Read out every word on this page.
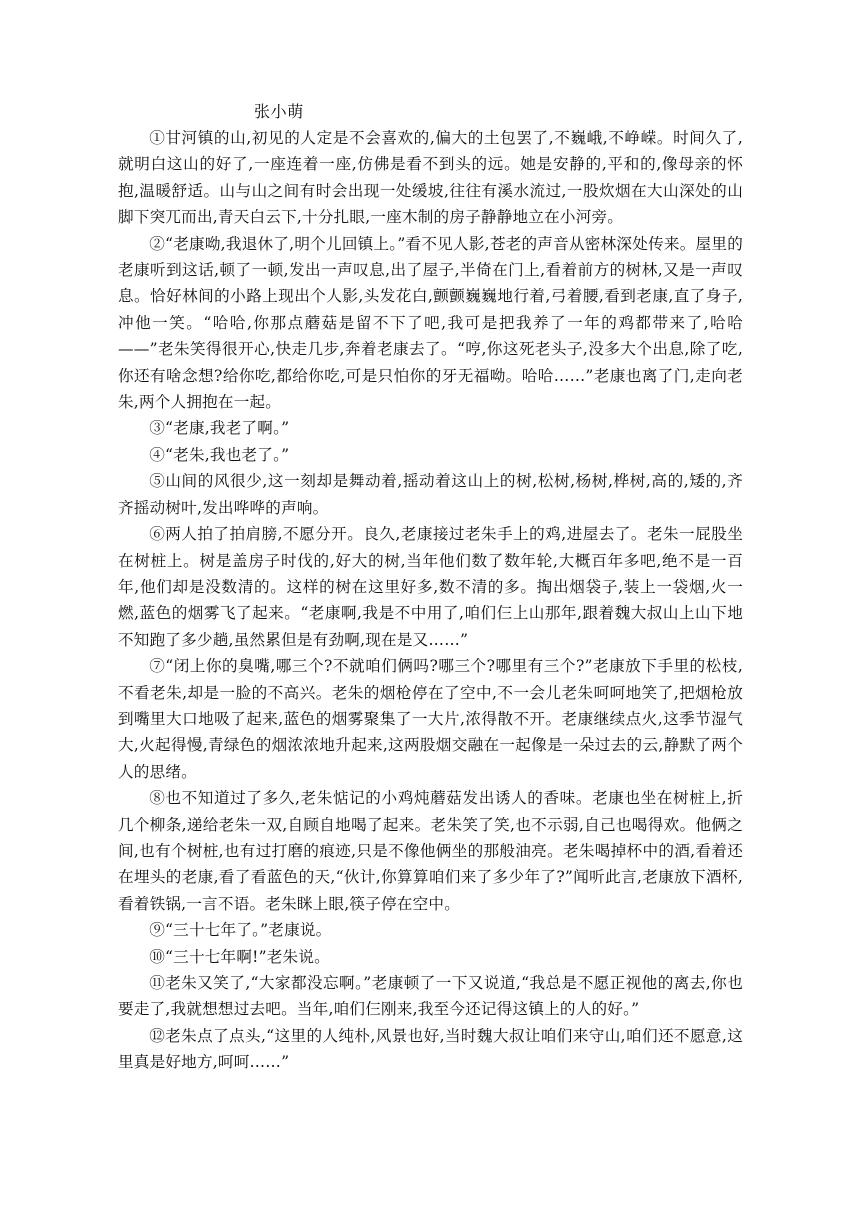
张小萌

①甘河镇的山,初见的人定是不会喜欢的,偏大的土包罢了,不巍峨,不峥嵘。时间久了,就明白这山的好了,一座连着一座,仿佛是看不到头的远。她是安静的,平和的,像母亲的怀抱,温暖舒适。山与山之间有时会出现一处缓坡,往往有溪水流过,一股炊烟在大山深处的山脚下突兀而出,青天白云下,十分扎眼,一座木制的房子静静地立在小河旁。

②“老康呦,我退休了,明个儿回镇上。”看不见人影,苍老的声音从密林深处传来。屋里的老康听到这话,顿了一顿,发出一声叹息,出了屋子,半倚在门上,看着前方的树林,又是一声叹息。恰好林间的小路上现出个人影,头发花白,颤颤巍巍地行着,弓着腰,看到老康,直了身子,冲他一笑。“哈哈,你那点蘑菇是留不下了吧,我可是把我养了一年的鸡都带来了,哈哈——”老朱笑得很开心,快走几步,奔着老康去了。“哼,你这死老头子,没多大个出息,除了吃,你还有啥念想?给你吃,都给你吃,可是只怕你的牙无福呦。哈哈……”老康也离了门,走向老朱,两个人拥抱在一起。

③“老康,我老了啊。”

④“老朱,我也老了。”

⑤山间的风很少,这一刻却是舞动着,摇动着这山上的树,松树,杨树,桦树,高的,矮的,齐齐摇动树叶,发出哗哗的声响。

⑥两人拍了拍肩膀,不愿分开。良久,老康接过老朱手上的鸡,进屋去了。老朱一屁股坐在树桩上。树是盖房子时伐的,好大的树,当年他们数了数年轮,大概百年多吧,绝不是一百年,他们却是没数清的。这样的树在这里好多,数不清的多。掏出烟袋子,装上一袋烟,火一燃,蓝色的烟雾飞了起来。“老康啊,我是不中用了,咱们仨上山那年,跟着魏大叔山上山下地不知跑了多少趟,虽然累但是有劲啊,现在是又……”

⑦“闭上你的臭嘴,哪三个?不就咱们俩吗?哪三个?哪里有三个?”老康放下手里的松枝,不看老朱,却是一脸的不高兴。老朱的烟枪停在了空中,不一会儿老朱呵呵地笑了,把烟枪放到嘴里大口地吸了起来,蓝色的烟雾聚集了一大片,浓得散不开。老康继续点火,这季节湿气大,火起得慢,青绿色的烟浓浓地升起来,这两股烟交融在一起像是一朵过去的云,静默了两个人的思绪。

⑧也不知道过了多久,老朱惦记的小鸡炖蘑菇发出诱人的香味。老康也坐在树桩上,折几个柳条,递给老朱一双,自顾自地喝了起来。老朱笑了笑,也不示弱,自己也喝得欢。他俩之间,也有个树桩,也有过打磨的痕迹,只是不像他俩坐的那般油亮。老朱喝掉杯中的酒,看着还在埋头的老康,看了看蓝色的天,“伙计,你算算咱们来了多少年了?”闻听此言,老康放下酒杯,看着铁锅,一言不语。老朱眯上眼,筷子停在空中。

⑨“三十七年了。”老康说。

⑩“三十七年啊!”老朱说。

⑪老朱又笑了,“大家都没忘啊。”老康顿了一下又说道,“我总是不愿正视他的离去,你也要走了,我就想想过去吧。当年,咱们仨刚来,我至今还记得这镇上的人的好。”

⑫老朱点了点头,“这里的人纯朴,风景也好,当时魏大叔让咱们来守山,咱们还不愿意,这里真是好地方,呵呵……”
